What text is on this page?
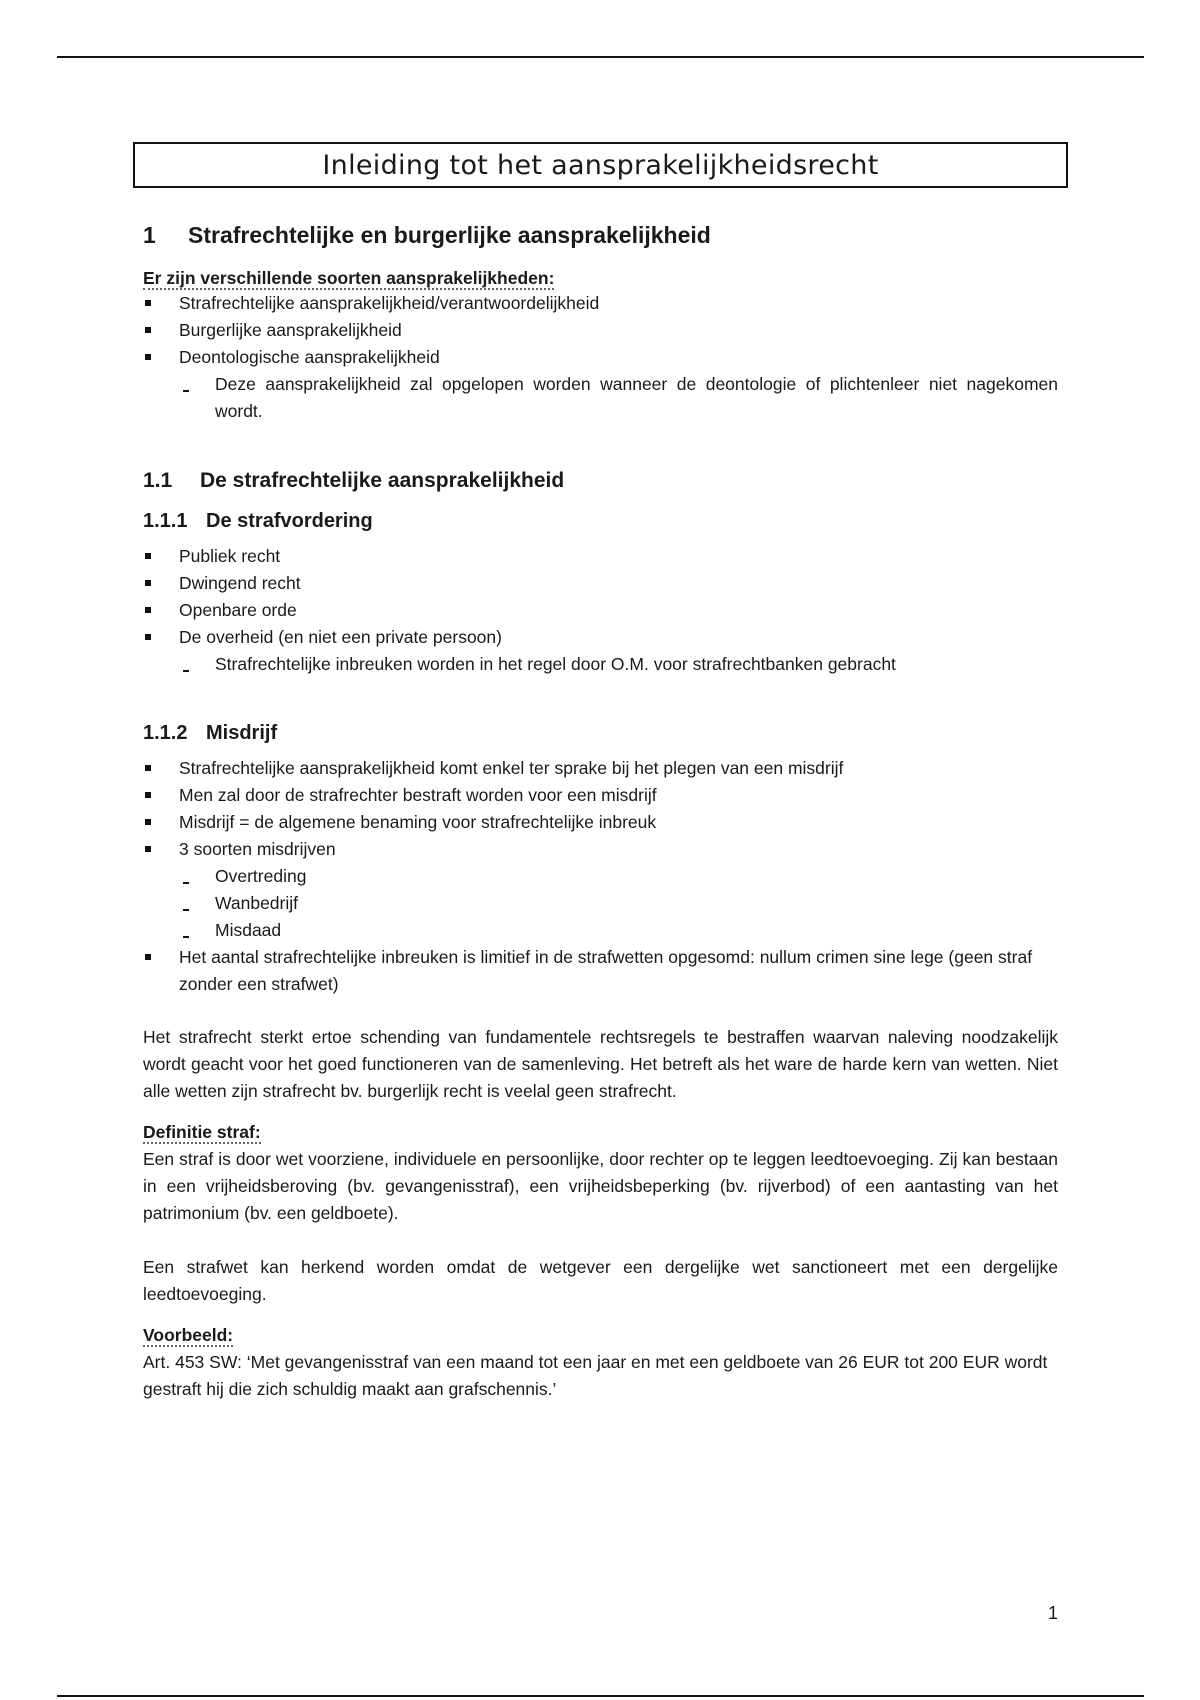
Inleiding tot het aansprakelijkheidsrecht
1	Strafrechtelijke en burgerlijke aansprakelijkheid
Er zijn verschillende soorten aansprakelijkheden:
Strafrechtelijke aansprakelijkheid/verantwoordelijkheid
Burgerlijke aansprakelijkheid
Deontologische aansprakelijkheid
Deze aansprakelijkheid zal opgelopen worden wanneer de deontologie of plichtenleer niet nagekomen wordt.
1.1	De strafrechtelijke aansprakelijkheid
1.1.1 De strafvordering
Publiek recht
Dwingend recht
Openbare orde
De overheid (en niet een private persoon)
Strafrechtelijke inbreuken worden in het regel door O.M. voor strafrechtbanken gebracht
1.1.2 Misdrijf
Strafrechtelijke aansprakelijkheid komt enkel ter sprake bij het plegen van een misdrijf
Men zal door de strafrechter bestraft worden voor een misdrijf
Misdrijf = de algemene benaming voor strafrechtelijke inbreuk
3 soorten misdrijven
Overtreding
Wanbedrijf
Misdaad
Het aantal strafrechtelijke inbreuken is limitief in de strafwetten opgesomd: nullum crimen sine lege (geen straf zonder een strafwet)

Het strafrecht sterkt ertoe schending van fundamentele rechtsregels te bestraffen waarvan naleving noodzakelijk wordt geacht voor het goed functioneren van de samenleving. Het betreft als het ware de harde kern van wetten. Niet alle wetten zijn strafrecht bv. burgerlijk recht is veelal geen strafrecht.

Definitie straf:

Een straf is door wet voorziene, individuele en persoonlijke, door rechter op te leggen leedtoevoeging. Zij kan bestaan in een vrijheidsberoving (bv. gevangenisstraf), een vrijheidsbeperking (bv. rijverbod) of een aantasting van het patrimonium (bv. een geldboete).

Een strafwet kan herkend worden omdat de wetgever een dergelijke wet sanctioneert met een dergelijke leedtoevoeging.

Voorbeeld:

Art. 453 SW: ‘Met gevangenisstraf van een maand tot een jaar en met een geldboete van 26 EUR tot 200 EUR wordt gestraft hij die zich schuldig maakt aan grafschennis.’

1
